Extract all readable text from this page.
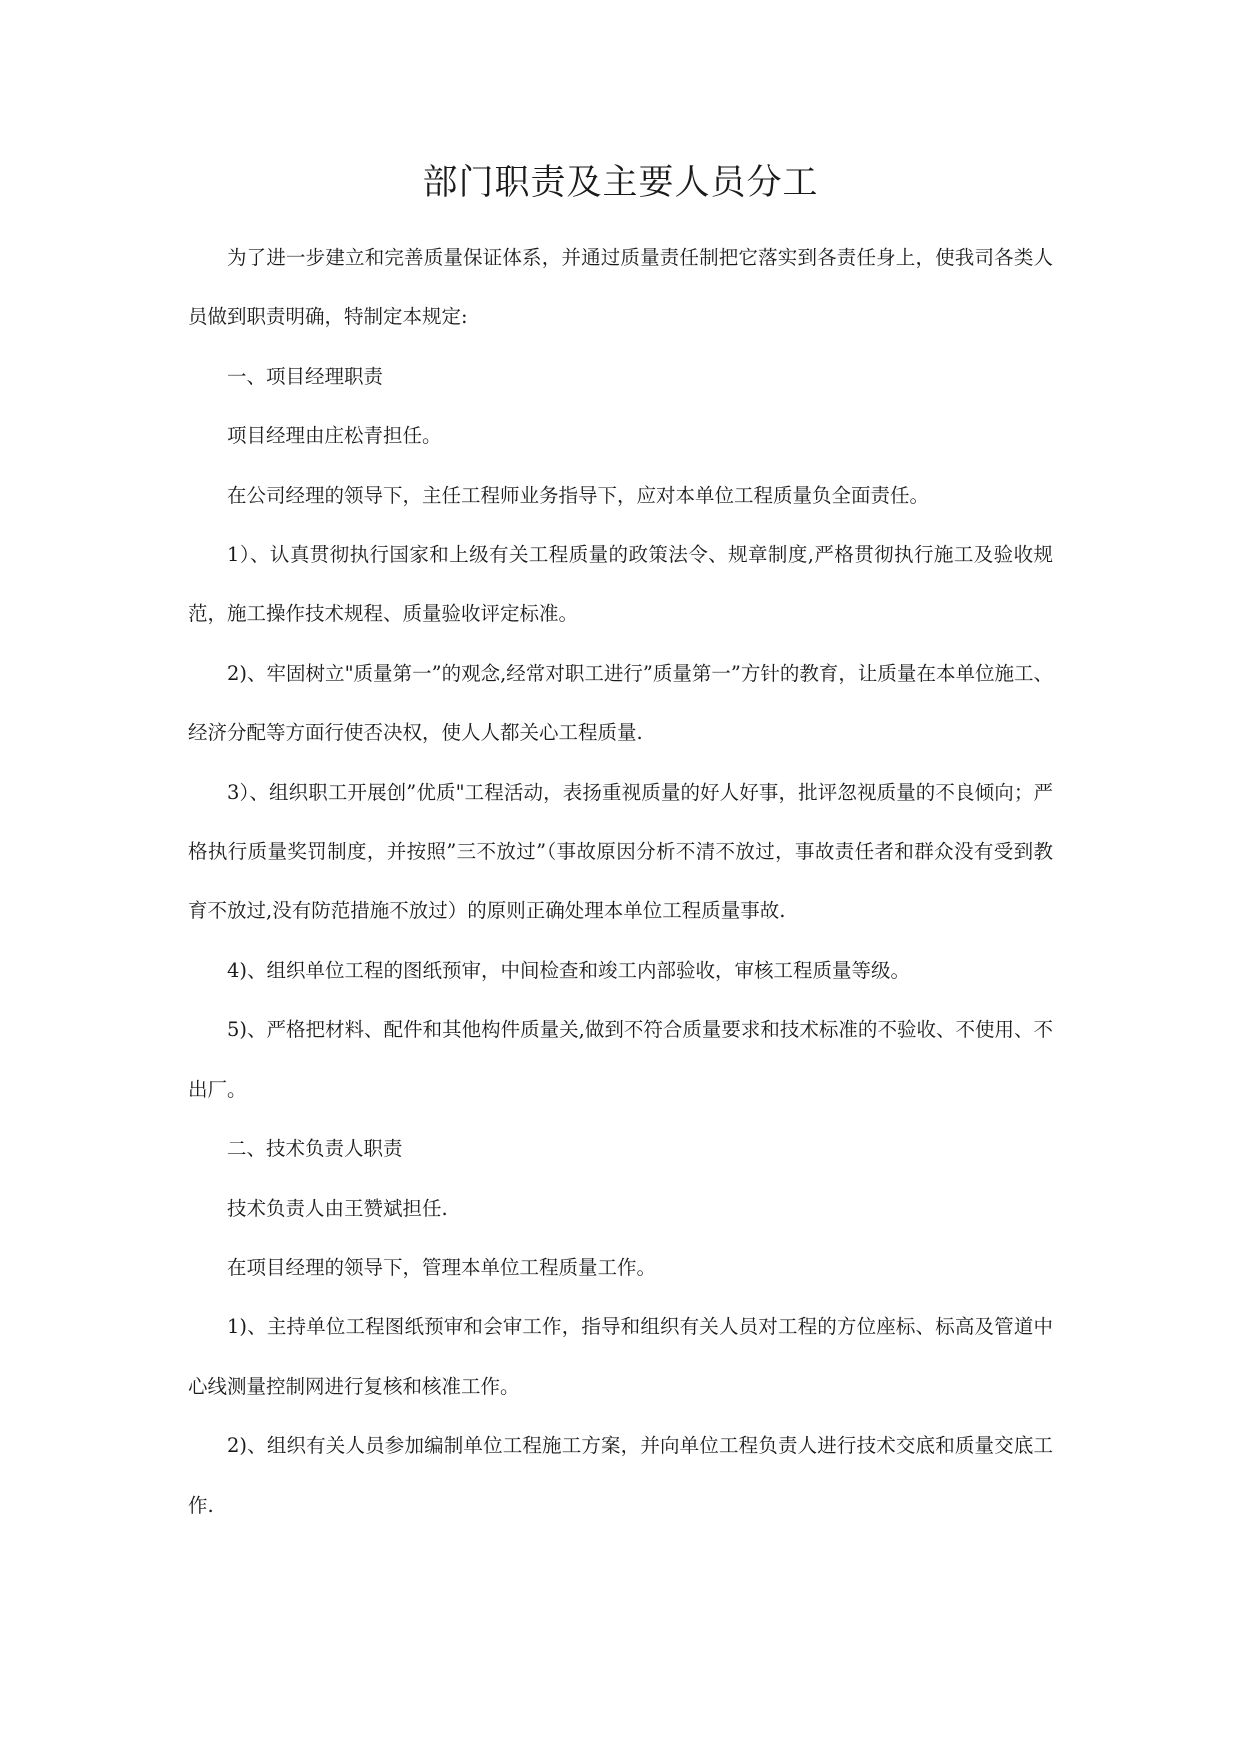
部门职责及主要人员分工

为了进一步建立和完善质量保证体系，并通过质量责任制把它落实到各责任身上，使我司各类人员做到职责明确，特制定本规定:

一、项目经理职责

项目经理由庄松青担任。

在公司经理的领导下，主任工程师业务指导下，应对本单位工程质量负全面责任。

1）、认真贯彻执行国家和上级有关工程质量的政策法令、规章制度,严格贯彻执行施工及验收规范，施工操作技术规程、质量验收评定标准。

2)、牢固树立"质量第一”的观念,经常对职工进行”质量第一”方针的教育，让质量在本单位施工、经济分配等方面行使否决权，使人人都关心工程质量.

3）、组织职工开展创”优质"工程活动，表扬重视质量的好人好事，批评忽视质量的不良倾向；严格执行质量奖罚制度，并按照”三不放过”（事故原因分析不清不放过，事故责任者和群众没有受到教育不放过,没有防范措施不放过）的原则正确处理本单位工程质量事故.

4)、组织单位工程的图纸预审，中间检查和竣工内部验收，审核工程质量等级。

5)、严格把材料、配件和其他构件质量关,做到不符合质量要求和技术标准的不验收、不使用、不出厂。

二、技术负责人职责

技术负责人由王赞斌担任.

在项目经理的领导下，管理本单位工程质量工作。

1)、主持单位工程图纸预审和会审工作，指导和组织有关人员对工程的方位座标、标高及管道中心线测量控制网进行复核和核准工作。

2)、组织有关人员参加编制单位工程施工方案，并向单位工程负责人进行技术交底和质量交底工作.
